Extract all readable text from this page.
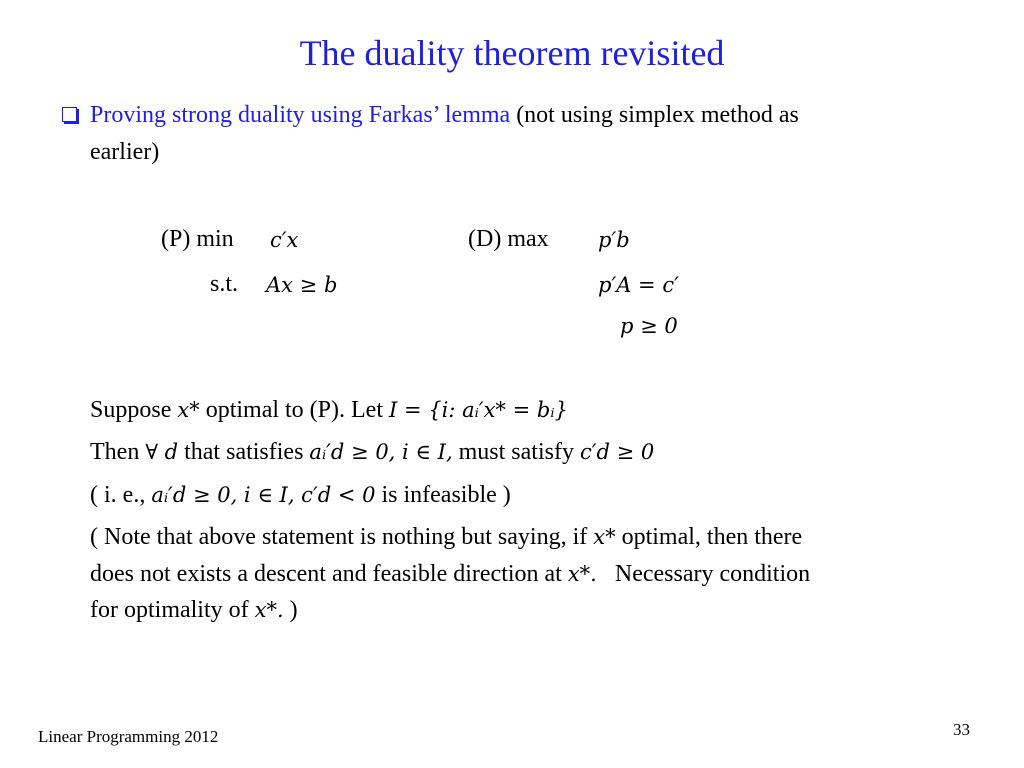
The duality theorem revisited
Proving strong duality using Farkas’ lemma (not using simplex method as
earlier)
(P) min c′x
s.t. Ax ≥ b
(D) max p′b
p′A = c′
p ≥ 0
Suppose x* optimal to (P). Let I = {i: aᵢ′x* = bᵢ}
Then ∀ d that satisfies aᵢ′d ≥ 0, i ∈ I, must satisfy c′d ≥ 0
( i. e., aᵢ′d ≥ 0, i ∈ I, c′d < 0 is infeasible )
( Note that above statement is nothing but saying, if x* optimal, then there
does not exists a descent and feasible direction at x*. Necessary condition
for optimality of x*. )
Linear Programming 2012	33
